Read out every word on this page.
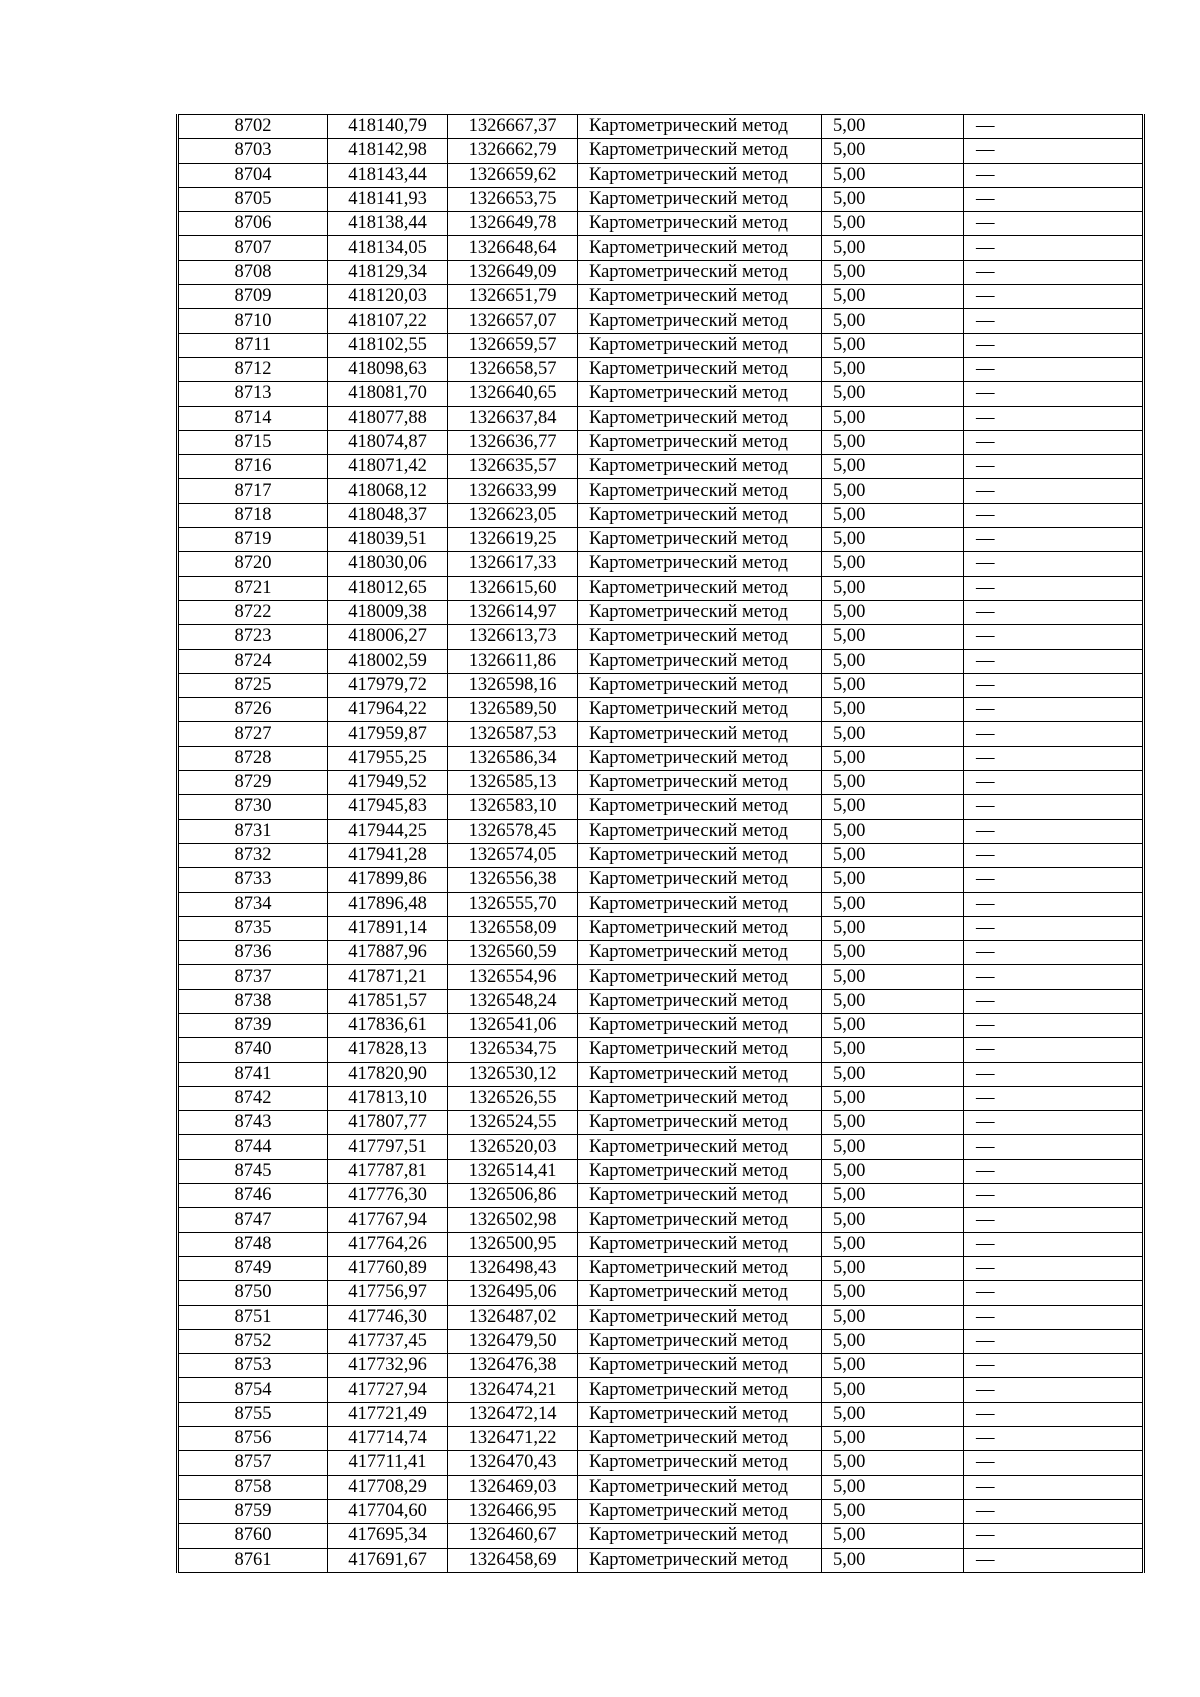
8702	418140,79	1326667,37	Картометрический метод	5,00	—
8703	418142,98	1326662,79	Картометрический метод	5,00	—
8704	418143,44	1326659,62	Картометрический метод	5,00	—
8705	418141,93	1326653,75	Картометрический метод	5,00	—
8706	418138,44	1326649,78	Картометрический метод	5,00	—
8707	418134,05	1326648,64	Картометрический метод	5,00	—
8708	418129,34	1326649,09	Картометрический метод	5,00	—
8709	418120,03	1326651,79	Картометрический метод	5,00	—
8710	418107,22	1326657,07	Картометрический метод	5,00	—
8711	418102,55	1326659,57	Картометрический метод	5,00	—
8712	418098,63	1326658,57	Картометрический метод	5,00	—
8713	418081,70	1326640,65	Картометрический метод	5,00	—
8714	418077,88	1326637,84	Картометрический метод	5,00	—
8715	418074,87	1326636,77	Картометрический метод	5,00	—
8716	418071,42	1326635,57	Картометрический метод	5,00	—
8717	418068,12	1326633,99	Картометрический метод	5,00	—
8718	418048,37	1326623,05	Картометрический метод	5,00	—
8719	418039,51	1326619,25	Картометрический метод	5,00	—
8720	418030,06	1326617,33	Картометрический метод	5,00	—
8721	418012,65	1326615,60	Картометрический метод	5,00	—
8722	418009,38	1326614,97	Картометрический метод	5,00	—
8723	418006,27	1326613,73	Картометрический метод	5,00	—
8724	418002,59	1326611,86	Картометрический метод	5,00	—
8725	417979,72	1326598,16	Картометрический метод	5,00	—
8726	417964,22	1326589,50	Картометрический метод	5,00	—
8727	417959,87	1326587,53	Картометрический метод	5,00	—
8728	417955,25	1326586,34	Картометрический метод	5,00	—
8729	417949,52	1326585,13	Картометрический метод	5,00	—
8730	417945,83	1326583,10	Картометрический метод	5,00	—
8731	417944,25	1326578,45	Картометрический метод	5,00	—
8732	417941,28	1326574,05	Картометрический метод	5,00	—
8733	417899,86	1326556,38	Картометрический метод	5,00	—
8734	417896,48	1326555,70	Картометрический метод	5,00	—
8735	417891,14	1326558,09	Картометрический метод	5,00	—
8736	417887,96	1326560,59	Картометрический метод	5,00	—
8737	417871,21	1326554,96	Картометрический метод	5,00	—
8738	417851,57	1326548,24	Картометрический метод	5,00	—
8739	417836,61	1326541,06	Картометрический метод	5,00	—
8740	417828,13	1326534,75	Картометрический метод	5,00	—
8741	417820,90	1326530,12	Картометрический метод	5,00	—
8742	417813,10	1326526,55	Картометрический метод	5,00	—
8743	417807,77	1326524,55	Картометрический метод	5,00	—
8744	417797,51	1326520,03	Картометрический метод	5,00	—
8745	417787,81	1326514,41	Картометрический метод	5,00	—
8746	417776,30	1326506,86	Картометрический метод	5,00	—
8747	417767,94	1326502,98	Картометрический метод	5,00	—
8748	417764,26	1326500,95	Картометрический метод	5,00	—
8749	417760,89	1326498,43	Картометрический метод	5,00	—
8750	417756,97	1326495,06	Картометрический метод	5,00	—
8751	417746,30	1326487,02	Картометрический метод	5,00	—
8752	417737,45	1326479,50	Картометрический метод	5,00	—
8753	417732,96	1326476,38	Картометрический метод	5,00	—
8754	417727,94	1326474,21	Картометрический метод	5,00	—
8755	417721,49	1326472,14	Картометрический метод	5,00	—
8756	417714,74	1326471,22	Картометрический метод	5,00	—
8757	417711,41	1326470,43	Картометрический метод	5,00	—
8758	417708,29	1326469,03	Картометрический метод	5,00	—
8759	417704,60	1326466,95	Картометрический метод	5,00	—
8760	417695,34	1326460,67	Картометрический метод	5,00	—
8761	417691,67	1326458,69	Картометрический метод	5,00	—
